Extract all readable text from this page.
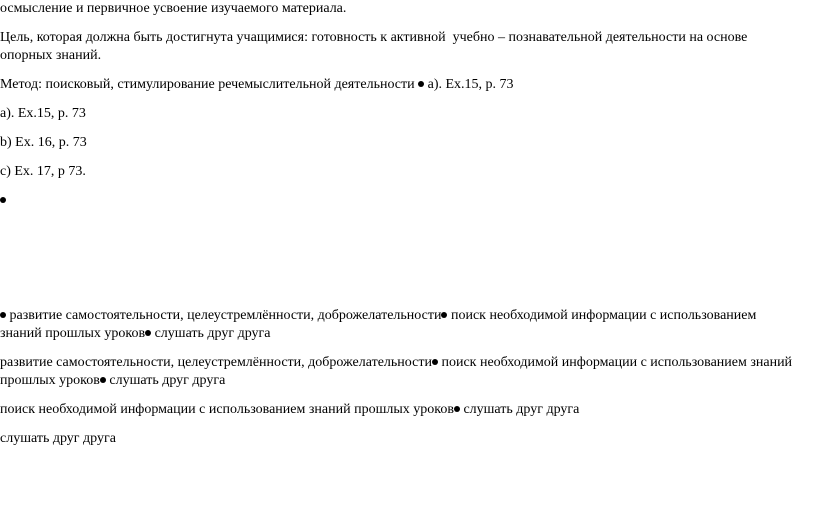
осмысление и первичное усвоение изучаемого материала.

Цель, которая должна быть достигнута учащимися: готовность к активной  учебно – познавательной деятельности на основе опорных знаний.

Метод: поисковый, стимулирование речемыслительной деятельности  a). Ex.15, p. 73

a). Ex.15, p. 73

b) Ex. 16, p. 73

c) Ex. 17, p 73.

развитие самостоятельности, целеустремлённости, доброжелательности поиск необходимой информации с использованием знаний прошлых уроков слушать друг друга

развитие самостоятельности, целеустремлённости, доброжелательности поиск необходимой информации с использованием знаний прошлых уроков слушать друг друга

поиск необходимой информации с использованием знаний прошлых уроков слушать друг друга

слушать друг друга
